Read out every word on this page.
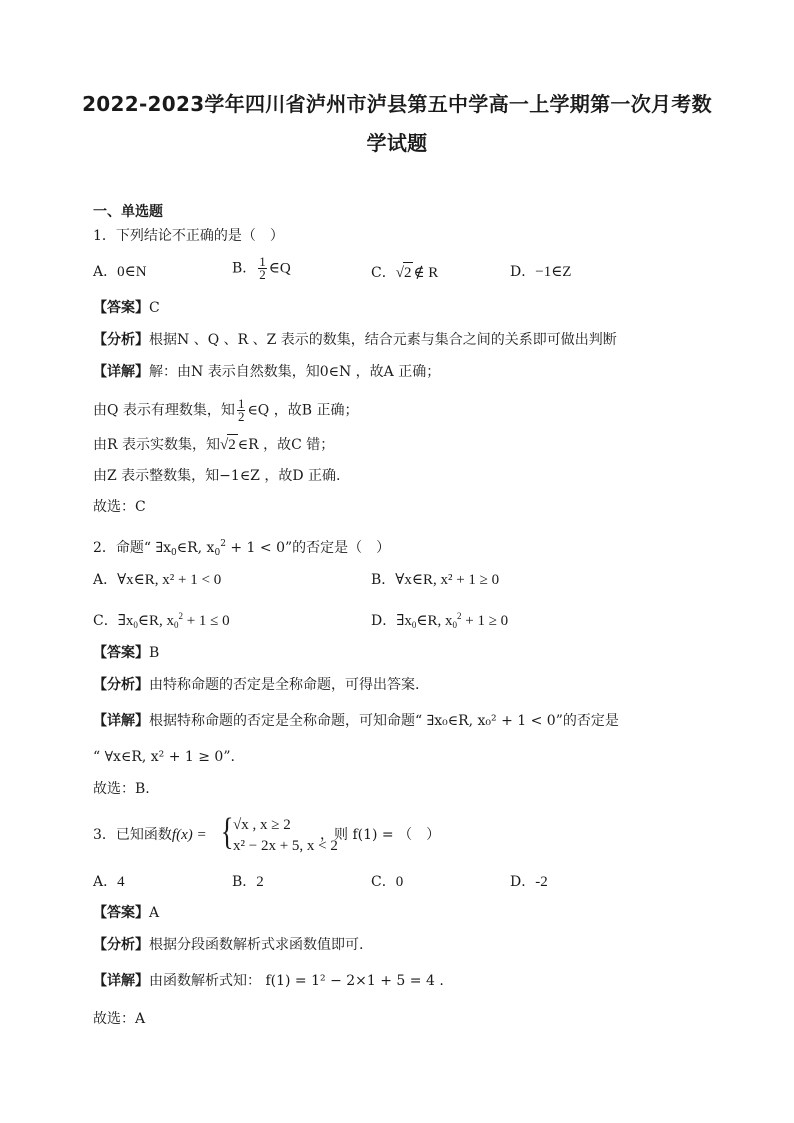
2022-2023学年四川省泸州市泸县第五中学高一上学期第一次月考数
学试题
一、单选题
1．下列结论不正确的是（　）
A．0∈N	B． $\frac{1}{2}$ ∈Q	C．√2 ∉ R	D．−1∈Z
【答案】C
【分析】根据N 、Q 、R 、Z 表示的数集，结合元素与集合之间的关系即可做出判断
【详解】解：由N 表示自然数集，知0∈N ，故A 正确；
由Q 表示有理数集，知 $\frac{1}{2}$ ∈Q ，故B 正确；
由R 表示实数集，知√2 ∈R ，故C 错；
由Z 表示整数集，知−1∈Z ，故D 正确.
故选：C
2．命题“ $\exists x_0\in R$, $x_0^2 + 1 < 0$”的否定是（　）
A．∀x∈R, x² + 1 < 0	B．∀x∈R, x² + 1 ≥ 0
C．$\exists x_0\in R$, $x_0^2 + 1 \le 0$	D．$\exists x_0\in R$, $x_0^2 + 1 \ge 0$
【答案】B
【分析】由特称命题的否定是全称命题，可得出答案.
【详解】根据特称命题的否定是全称命题，可知命题“ ∃x₀∈R, x₀² + 1 < 0”的否定是
“ ∀x∈R, x² + 1 ≥ 0”.
故选：B.
3．已知函数f(x) = { √x , x ≥ 2
x² − 2x + 5, x < 2
，则 f(1) = （　）
A．4	B．2	C．0	D．-2
【答案】A
【分析】根据分段函数解析式求函数值即可.
【详解】由函数解析式知： f(1) = 1² − 2×1 + 5 = 4 .
故选：A
